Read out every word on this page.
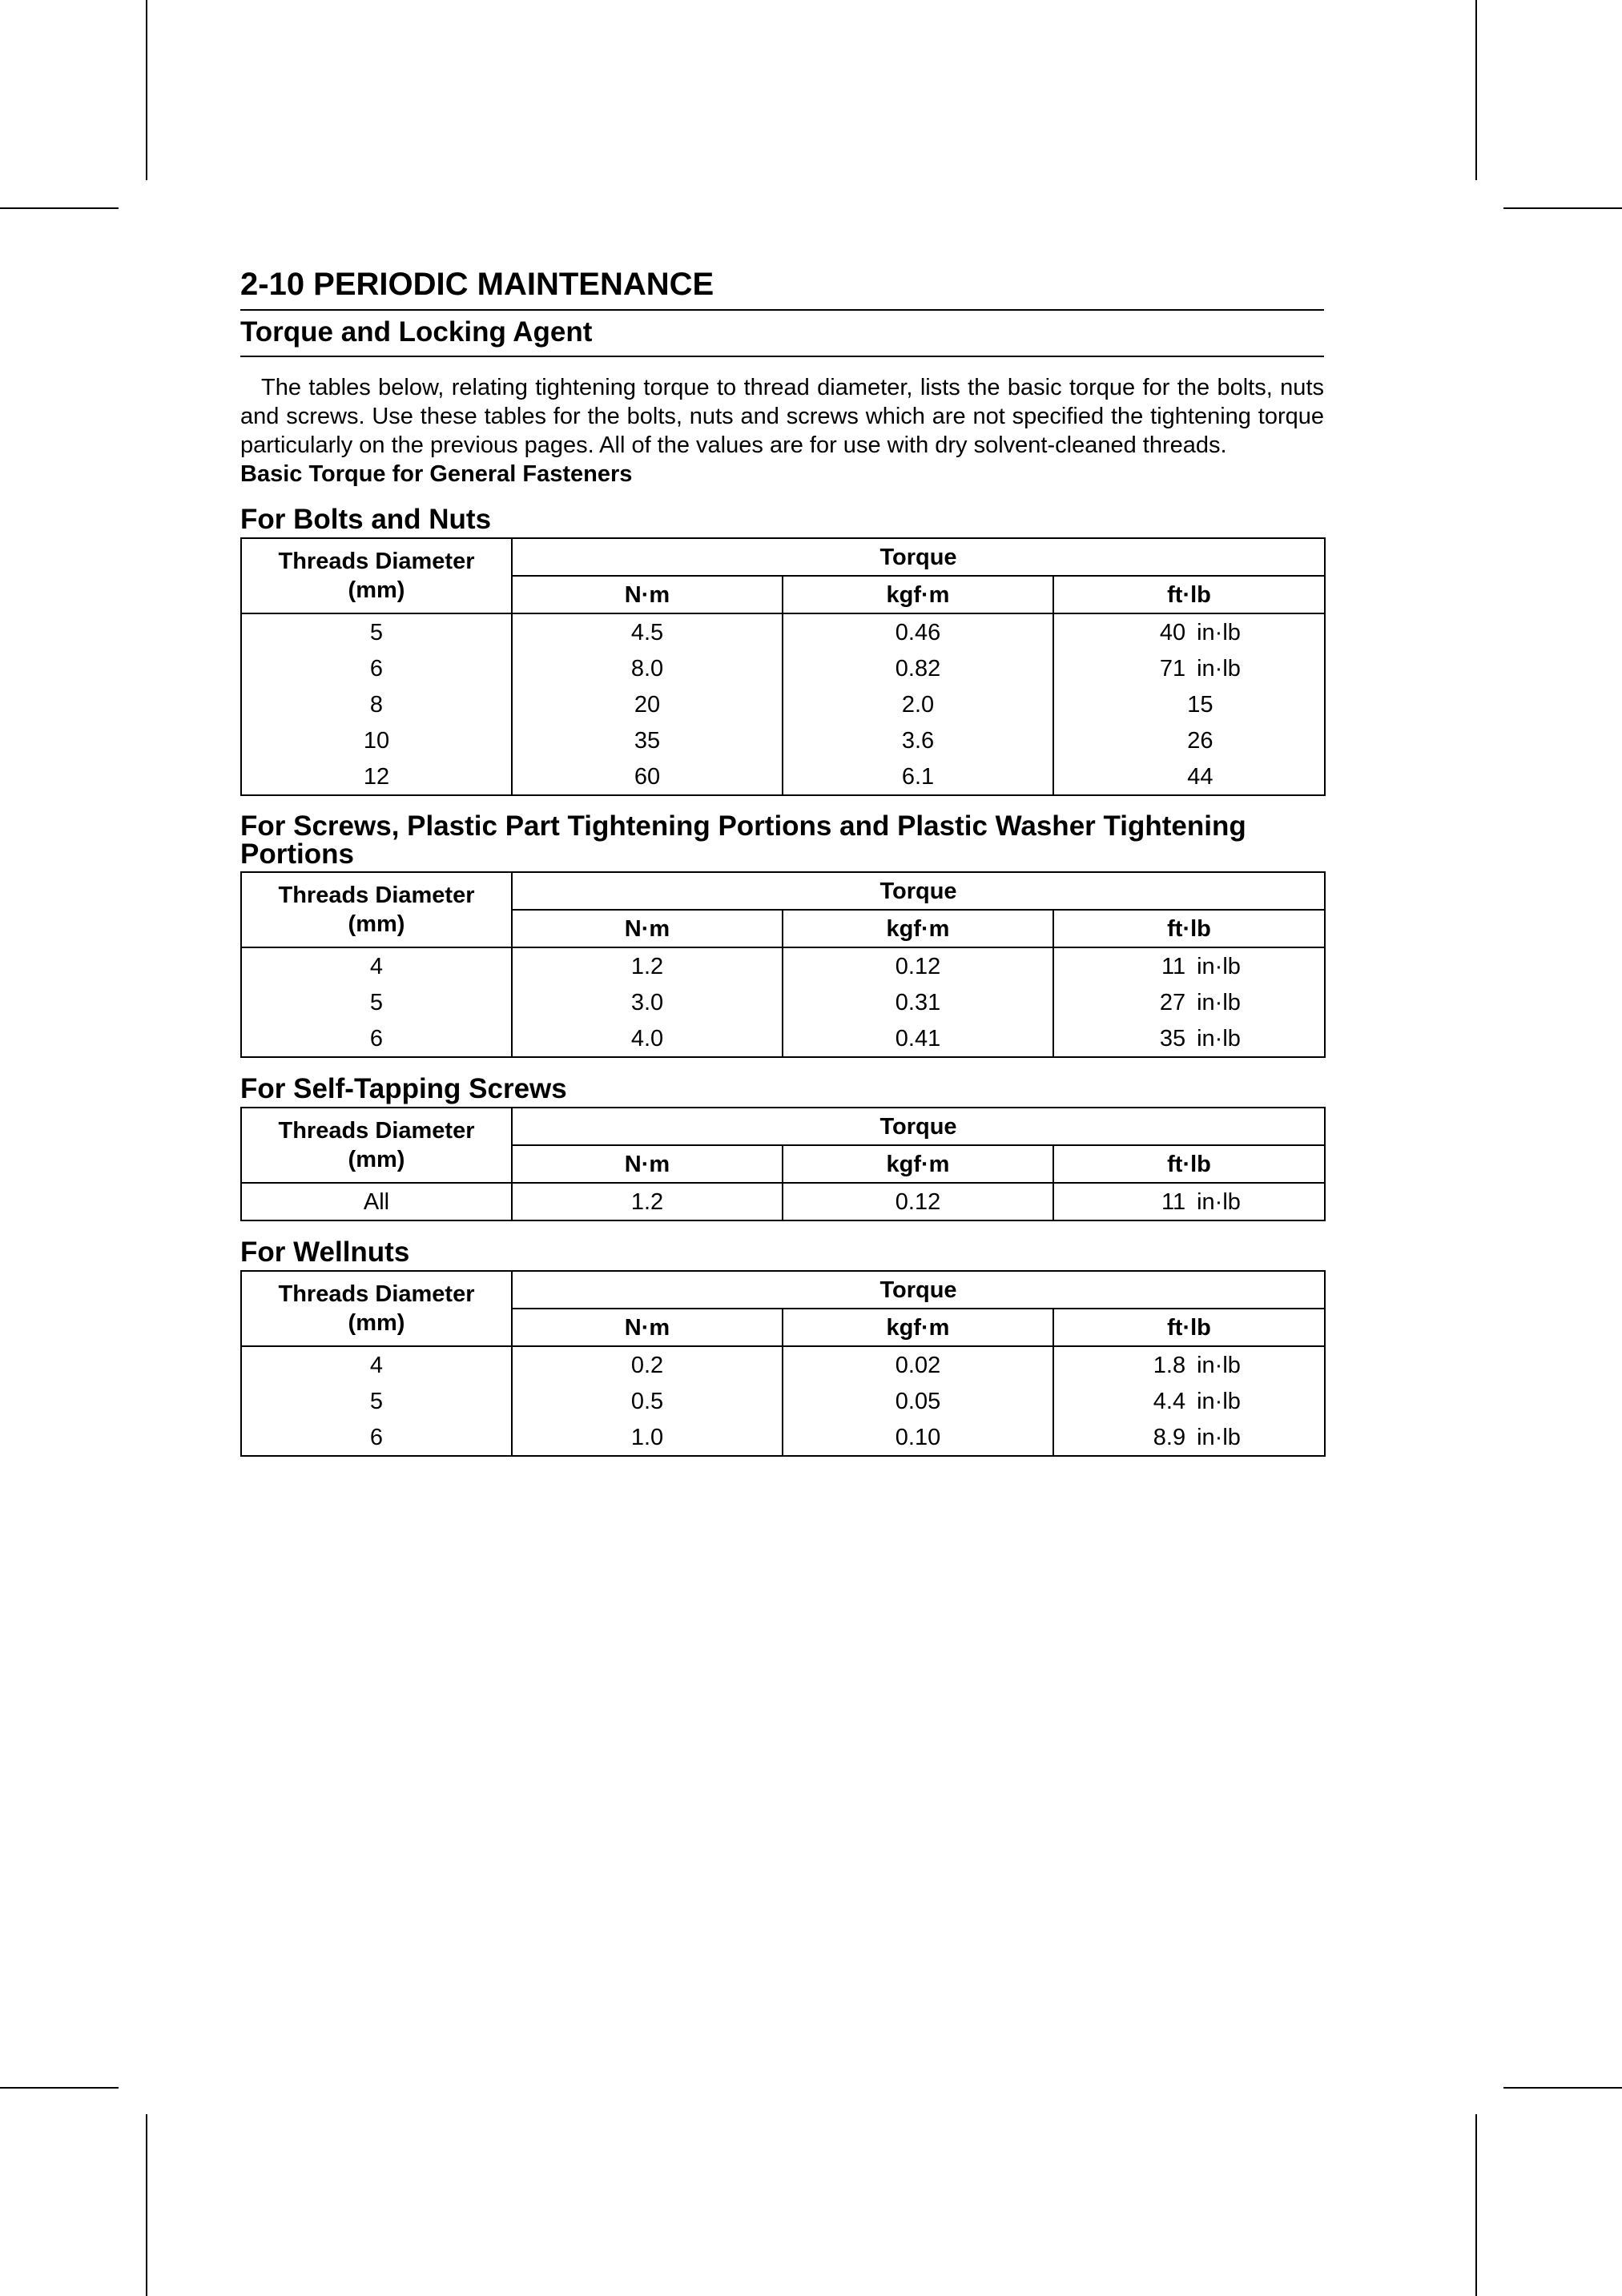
2-10 PERIODIC MAINTENANCE
Torque and Locking Agent
The tables below, relating tightening torque to thread diameter, lists the basic torque for the bolts, nuts and screws. Use these tables for the bolts, nuts and screws which are not specified the tightening torque particularly on the previous pages. All of the values are for use with dry solvent-cleaned threads.
Basic Torque for General Fasteners
For Bolts and Nuts
Threads Diameter
(mm)	Torque		
	N·m	kgf·m	ft·lb
5	4.5	0.46	40 in·lb
6	8.0	0.82	71 in·lb
8	20	2.0	15
10	35	3.6	26
12	60	6.1	44
For Screws, Plastic Part Tightening Portions and Plastic Washer Tightening Portions
Threads Diameter
(mm)	Torque		
	N·m	kgf·m	ft·lb
4	1.2	0.12	11 in·lb
5	3.0	0.31	27 in·lb
6	4.0	0.41	35 in·lb
For Self-Tapping Screws
Threads Diameter
(mm)	Torque		
	N·m	kgf·m	ft·lb
All	1.2	0.12	11 in·lb
For Wellnuts
Threads Diameter
(mm)	Torque		
	N·m	kgf·m	ft·lb
4	0.2	0.02	1.8 in·lb
5	0.5	0.05	4.4 in·lb
6	1.0	0.10	8.9 in·lb
